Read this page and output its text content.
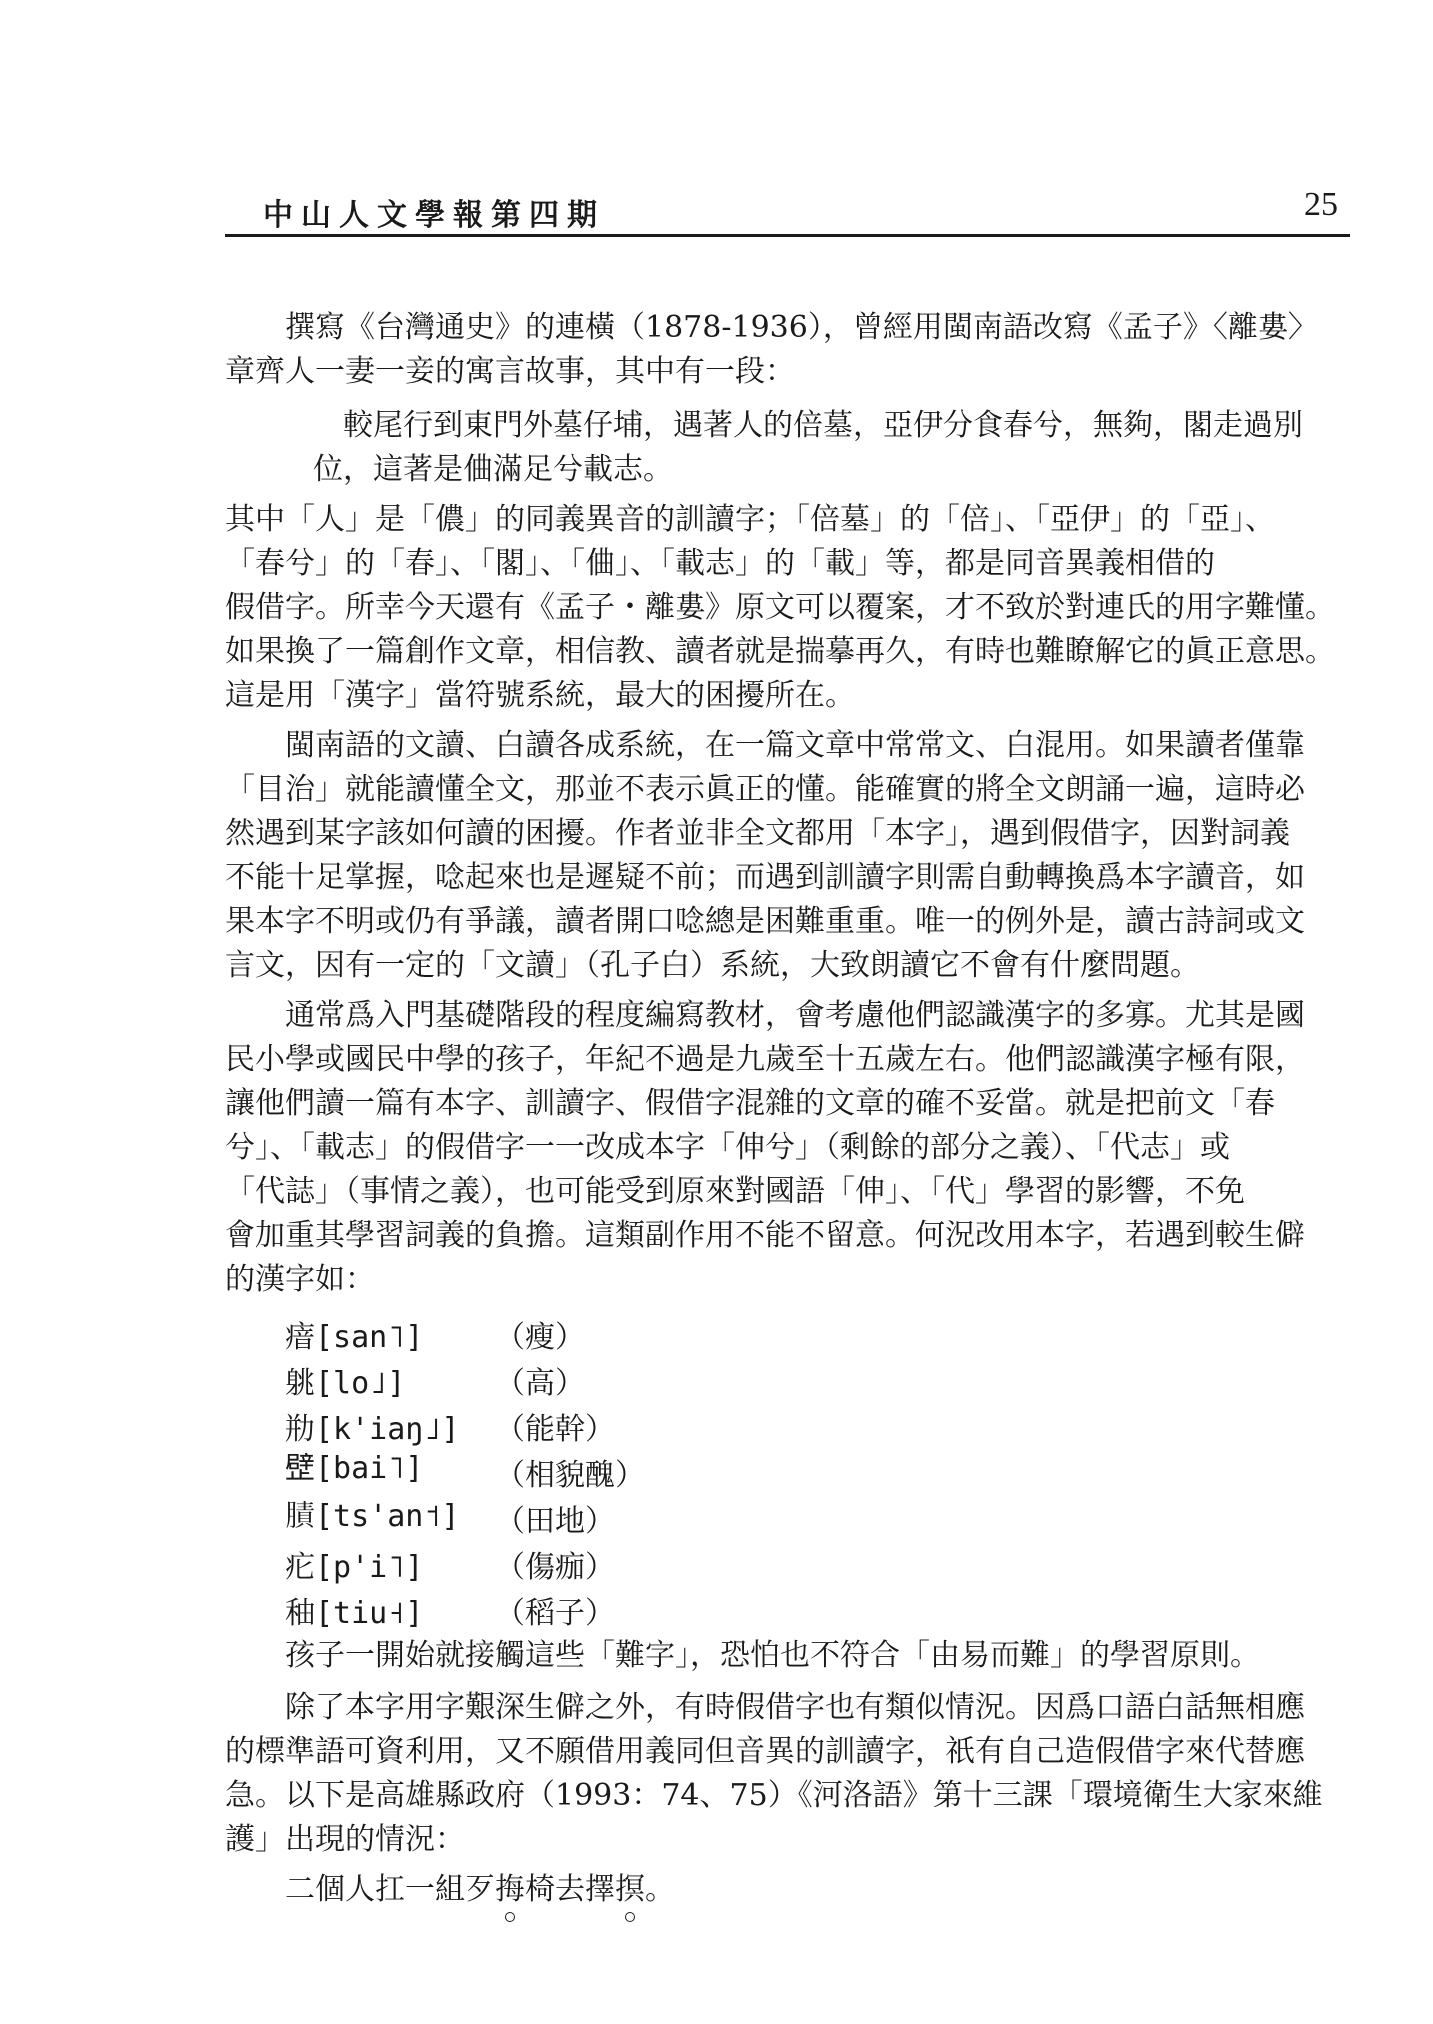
中山人文學報第四期	25
撰寫《台灣通史》的連橫（1878-1936），曾經用閩南語改寫《孟子》〈離婁〉
章齊人一妻一妾的寓言故事，其中有一段：
較尾行到東門外墓仔埔，遇著人的倍墓，亞伊分食春兮，無夠，閣走過別
位，這著是㑋滿足兮載志。
其中「人」是「儂」的同義異音的訓讀字；「倍墓」的「倍」、「亞伊」的「亞」、
「春兮」的「春」、「閣」、「㑋」、「載志」的「載」等，都是同音異義相借的
假借字。所幸今天還有《孟子・離婁》原文可以覆案，才不致於對連氏的用字難懂。
如果換了一篇創作文章，相信教、讀者就是揣摹再久，有時也難瞭解它的眞正意思。
這是用「漢字」當符號系統，最大的困擾所在。
閩南語的文讀、白讀各成系統，在一篇文章中常常文、白混用。如果讀者僅靠
「目治」就能讀懂全文，那並不表示眞正的懂。能確實的將全文朗誦一遍，這時必
然遇到某字該如何讀的困擾。作者並非全文都用「本字」，遇到假借字，因對詞義
不能十足掌握，唸起來也是遲疑不前；而遇到訓讀字則需自動轉換爲本字讀音，如
果本字不明或仍有爭議，讀者開口唸總是困難重重。唯一的例外是，讀古詩詞或文
言文，因有一定的「文讀」（孔子白）系統，大致朗讀它不會有什麼問題。
通常爲入門基礎階段的程度編寫教材，會考慮他們認識漢字的多寡。尤其是國
民小學或國民中學的孩子，年紀不過是九歲至十五歲左右。他們認識漢字極有限，
讓他們讀一篇有本字、訓讀字、假借字混雜的文章的確不妥當。就是把前文「春
兮」、「載志」的假借字一一改成本字「伸兮」（剩餘的部分之義）、「代志」或
「代誌」（事情之義），也可能受到原來對國語「伸」、「代」學習的影響，不免
會加重其學習詞義的負擔。這類副作用不能不留意。何況改用本字，若遇到較生僻
的漢字如：
瘖[san˥] （瘦）
䠷[lo˩]	（高）
㔙[k'iaŋ˩] （能幹）
𣦢[bai˥] （相貌醜）
𦟜[ts'an˦] （田地）
疕[p'i˥] （傷痂）
秞[tiu˧] （稻子）
孩子一開始就接觸這些「難字」，恐怕也不符合「由易而難」的學習原則。
除了本字用字艱深生僻之外，有時假借字也有類似情況。因爲口語白話無相應
的標準語可資利用，又不願借用義同但音異的訓讀字，祇有自己造假借字來代替應
急。以下是高雄縣政府（1993：74、75）《河洛語》第十三課「環境衛生大家來維
護」出現的情況：
二個人扛一組歹挴椅去擇㨠。
